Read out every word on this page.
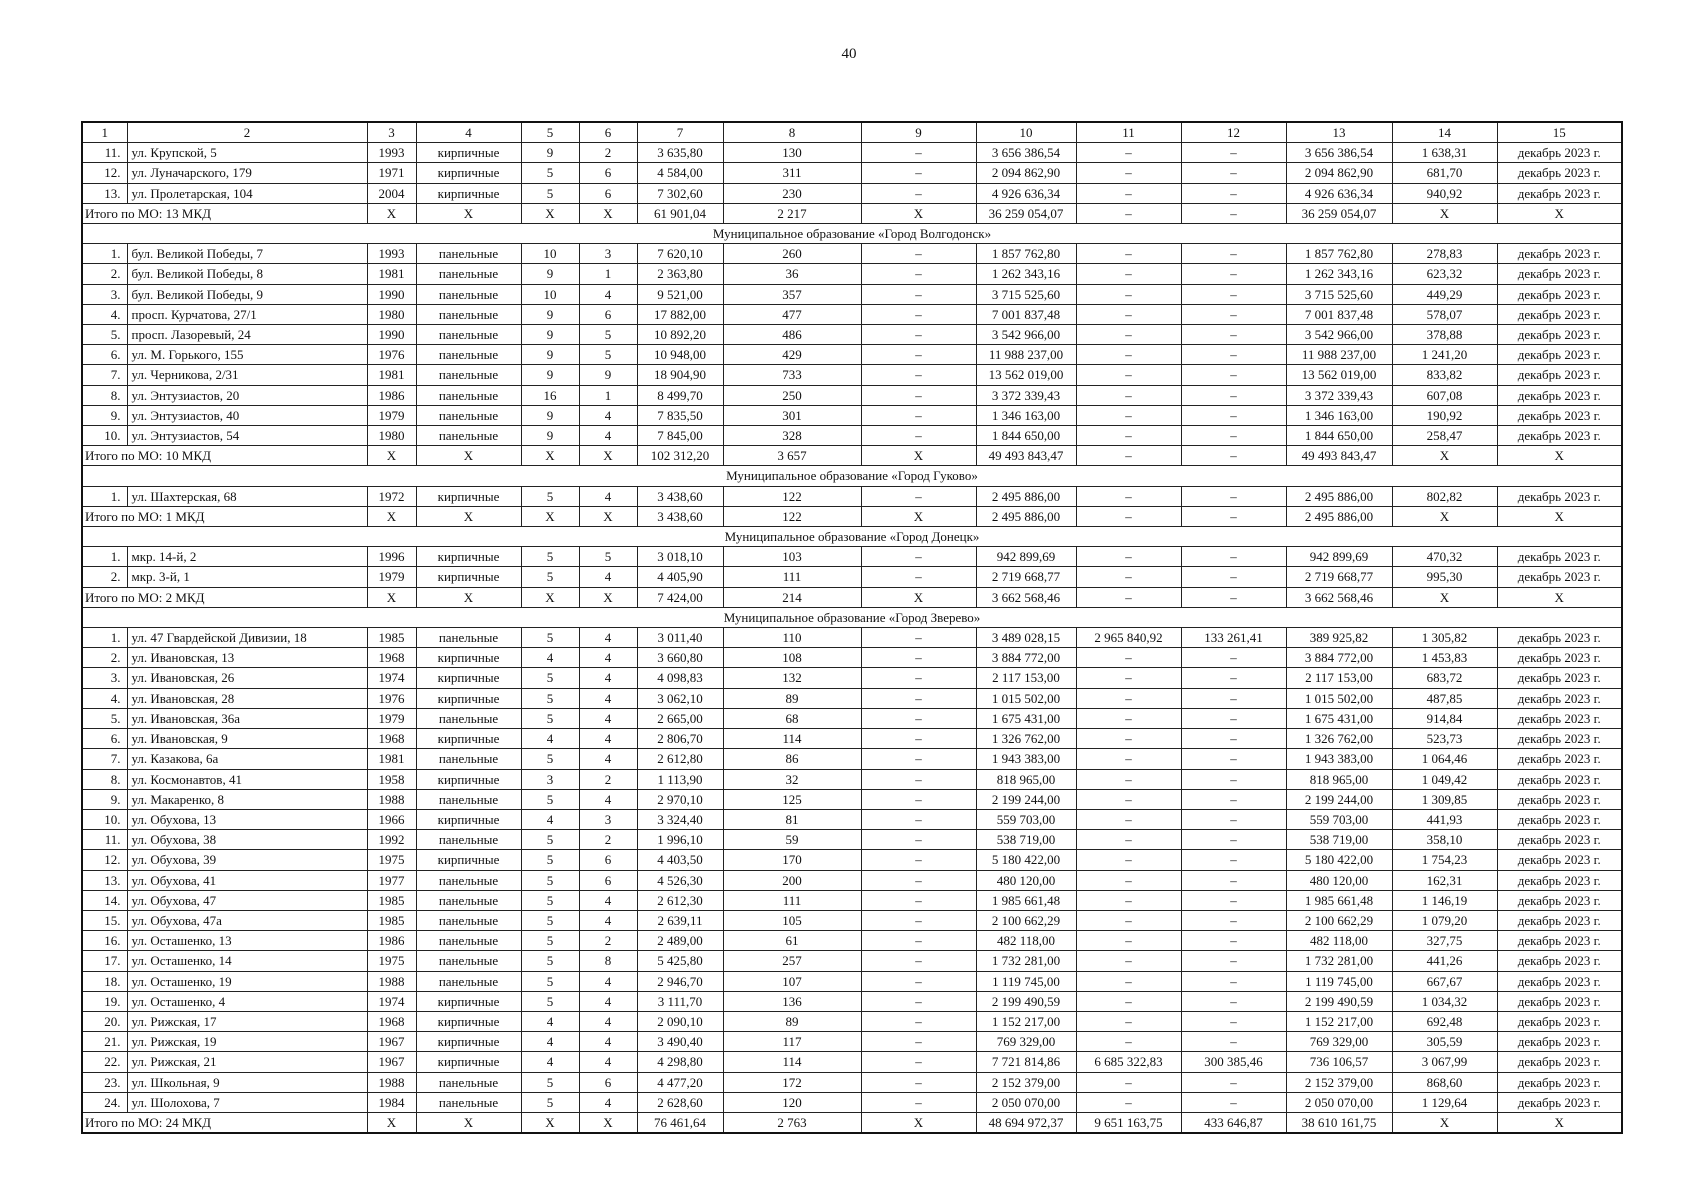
40
1	2	3	4	5	6	7	8	9	10	11	12	13	14	15
11.	ул. Крупской, 5	1993	кирпичные	9	2	3 635,80	130	–	3 656 386,54	–	–	3 656 386,54	1 638,31	декабрь 2023 г.
12.	ул. Луначарского, 179	1971	кирпичные	5	6	4 584,00	311	–	2 094 862,90	–	–	2 094 862,90	681,70	декабрь 2023 г.
13.	ул. Пролетарская, 104	2004	кирпичные	5	6	7 302,60	230	–	4 926 636,34	–	–	4 926 636,34	940,92	декабрь 2023 г.
Итого по МО: 13 МКД		Х	Х	Х	Х	61 901,04	2 217	Х	36 259 054,07	–	–	36 259 054,07	Х	Х
Муниципальное образование «Город Волгодонск»														
1.	бул. Великой Победы, 7	1993	панельные	10	3	7 620,10	260	–	1 857 762,80	–	–	1 857 762,80	278,83	декабрь 2023 г.
2.	бул. Великой Победы, 8	1981	панельные	9	1	2 363,80	36	–	1 262 343,16	–	–	1 262 343,16	623,32	декабрь 2023 г.
3.	бул. Великой Победы, 9	1990	панельные	10	4	9 521,00	357	–	3 715 525,60	–	–	3 715 525,60	449,29	декабрь 2023 г.
4.	просп. Курчатова, 27/1	1980	панельные	9	6	17 882,00	477	–	7 001 837,48	–	–	7 001 837,48	578,07	декабрь 2023 г.
5.	просп. Лазоревый, 24	1990	панельные	9	5	10 892,20	486	–	3 542 966,00	–	–	3 542 966,00	378,88	декабрь 2023 г.
6.	ул. М. Горького, 155	1976	панельные	9	5	10 948,00	429	–	11 988 237,00	–	–	11 988 237,00	1 241,20	декабрь 2023 г.
7.	ул. Черникова, 2/31	1981	панельные	9	9	18 904,90	733	–	13 562 019,00	–	–	13 562 019,00	833,82	декабрь 2023 г.
8.	ул. Энтузиастов, 20	1986	панельные	16	1	8 499,70	250	–	3 372 339,43	–	–	3 372 339,43	607,08	декабрь 2023 г.
9.	ул. Энтузиастов, 40	1979	панельные	9	4	7 835,50	301	–	1 346 163,00	–	–	1 346 163,00	190,92	декабрь 2023 г.
10.	ул. Энтузиастов, 54	1980	панельные	9	4	7 845,00	328	–	1 844 650,00	–	–	1 844 650,00	258,47	декабрь 2023 г.
Итого по МО: 10 МКД		Х	Х	Х	Х	102 312,20	3 657	Х	49 493 843,47	–	–	49 493 843,47	Х	Х
Муниципальное образование «Город Гуково»														
1.	ул. Шахтерская, 68	1972	кирпичные	5	4	3 438,60	122	–	2 495 886,00	–	–	2 495 886,00	802,82	декабрь 2023 г.
Итого по МО: 1 МКД		Х	Х	Х	Х	3 438,60	122	Х	2 495 886,00	–	–	2 495 886,00	Х	Х
Муниципальное образование «Город Донецк»														
1.	мкр. 14-й, 2	1996	кирпичные	5	5	3 018,10	103	–	942 899,69	–	–	942 899,69	470,32	декабрь 2023 г.
2.	мкр. 3-й, 1	1979	кирпичные	5	4	4 405,90	111	–	2 719 668,77	–	–	2 719 668,77	995,30	декабрь 2023 г.
Итого по МО: 2 МКД		Х	Х	Х	Х	7 424,00	214	Х	3 662 568,46	–	–	3 662 568,46	Х	Х
Муниципальное образование «Город Зверево»														
1.	ул. 47 Гвардейской Дивизии, 18	1985	панельные	5	4	3 011,40	110	–	3 489 028,15	2 965 840,92	133 261,41	389 925,82	1 305,82	декабрь 2023 г.
2.	ул. Ивановская, 13	1968	кирпичные	4	4	3 660,80	108	–	3 884 772,00	–	–	3 884 772,00	1 453,83	декабрь 2023 г.
3.	ул. Ивановская, 26	1974	кирпичные	5	4	4 098,83	132	–	2 117 153,00	–	–	2 117 153,00	683,72	декабрь 2023 г.
4.	ул. Ивановская, 28	1976	кирпичные	5	4	3 062,10	89	–	1 015 502,00	–	–	1 015 502,00	487,85	декабрь 2023 г.
5.	ул. Ивановская, 36а	1979	панельные	5	4	2 665,00	68	–	1 675 431,00	–	–	1 675 431,00	914,84	декабрь 2023 г.
6.	ул. Ивановская, 9	1968	кирпичные	4	4	2 806,70	114	–	1 326 762,00	–	–	1 326 762,00	523,73	декабрь 2023 г.
7.	ул. Казакова, 6а	1981	панельные	5	4	2 612,80	86	–	1 943 383,00	–	–	1 943 383,00	1 064,46	декабрь 2023 г.
8.	ул. Космонавтов, 41	1958	кирпичные	3	2	1 113,90	32	–	818 965,00	–	–	818 965,00	1 049,42	декабрь 2023 г.
9.	ул. Макаренко, 8	1988	панельные	5	4	2 970,10	125	–	2 199 244,00	–	–	2 199 244,00	1 309,85	декабрь 2023 г.
10.	ул. Обухова, 13	1966	кирпичные	4	3	3 324,40	81	–	559 703,00	–	–	559 703,00	441,93	декабрь 2023 г.
11.	ул. Обухова, 38	1992	панельные	5	2	1 996,10	59	–	538 719,00	–	–	538 719,00	358,10	декабрь 2023 г.
12.	ул. Обухова, 39	1975	кирпичные	5	6	4 403,50	170	–	5 180 422,00	–	–	5 180 422,00	1 754,23	декабрь 2023 г.
13.	ул. Обухова, 41	1977	панельные	5	6	4 526,30	200	–	480 120,00	–	–	480 120,00	162,31	декабрь 2023 г.
14.	ул. Обухова, 47	1985	панельные	5	4	2 612,30	111	–	1 985 661,48	–	–	1 985 661,48	1 146,19	декабрь 2023 г.
15.	ул. Обухова, 47а	1985	панельные	5	4	2 639,11	105	–	2 100 662,29	–	–	2 100 662,29	1 079,20	декабрь 2023 г.
16.	ул. Осташенко, 13	1986	панельные	5	2	2 489,00	61	–	482 118,00	–	–	482 118,00	327,75	декабрь 2023 г.
17.	ул. Осташенко, 14	1975	панельные	5	8	5 425,80	257	–	1 732 281,00	–	–	1 732 281,00	441,26	декабрь 2023 г.
18.	ул. Осташенко, 19	1988	панельные	5	4	2 946,70	107	–	1 119 745,00	–	–	1 119 745,00	667,67	декабрь 2023 г.
19.	ул. Осташенко, 4	1974	кирпичные	5	4	3 111,70	136	–	2 199 490,59	–	–	2 199 490,59	1 034,32	декабрь 2023 г.
20.	ул. Рижская, 17	1968	кирпичные	4	4	2 090,10	89	–	1 152 217,00	–	–	1 152 217,00	692,48	декабрь 2023 г.
21.	ул. Рижская, 19	1967	кирпичные	4	4	3 490,40	117	–	769 329,00	–	–	769 329,00	305,59	декабрь 2023 г.
22.	ул. Рижская, 21	1967	кирпичные	4	4	4 298,80	114	–	7 721 814,86	6 685 322,83	300 385,46	736 106,57	3 067,99	декабрь 2023 г.
23.	ул. Школьная, 9	1988	панельные	5	6	4 477,20	172	–	2 152 379,00	–	–	2 152 379,00	868,60	декабрь 2023 г.
24.	ул. Шолохова, 7	1984	панельные	5	4	2 628,60	120	–	2 050 070,00	–	–	2 050 070,00	1 129,64	декабрь 2023 г.
Итого по МО: 24 МКД		Х	Х	Х	Х	76 461,64	2 763	Х	48 694 972,37	9 651 163,75	433 646,87	38 610 161,75	Х	Х
